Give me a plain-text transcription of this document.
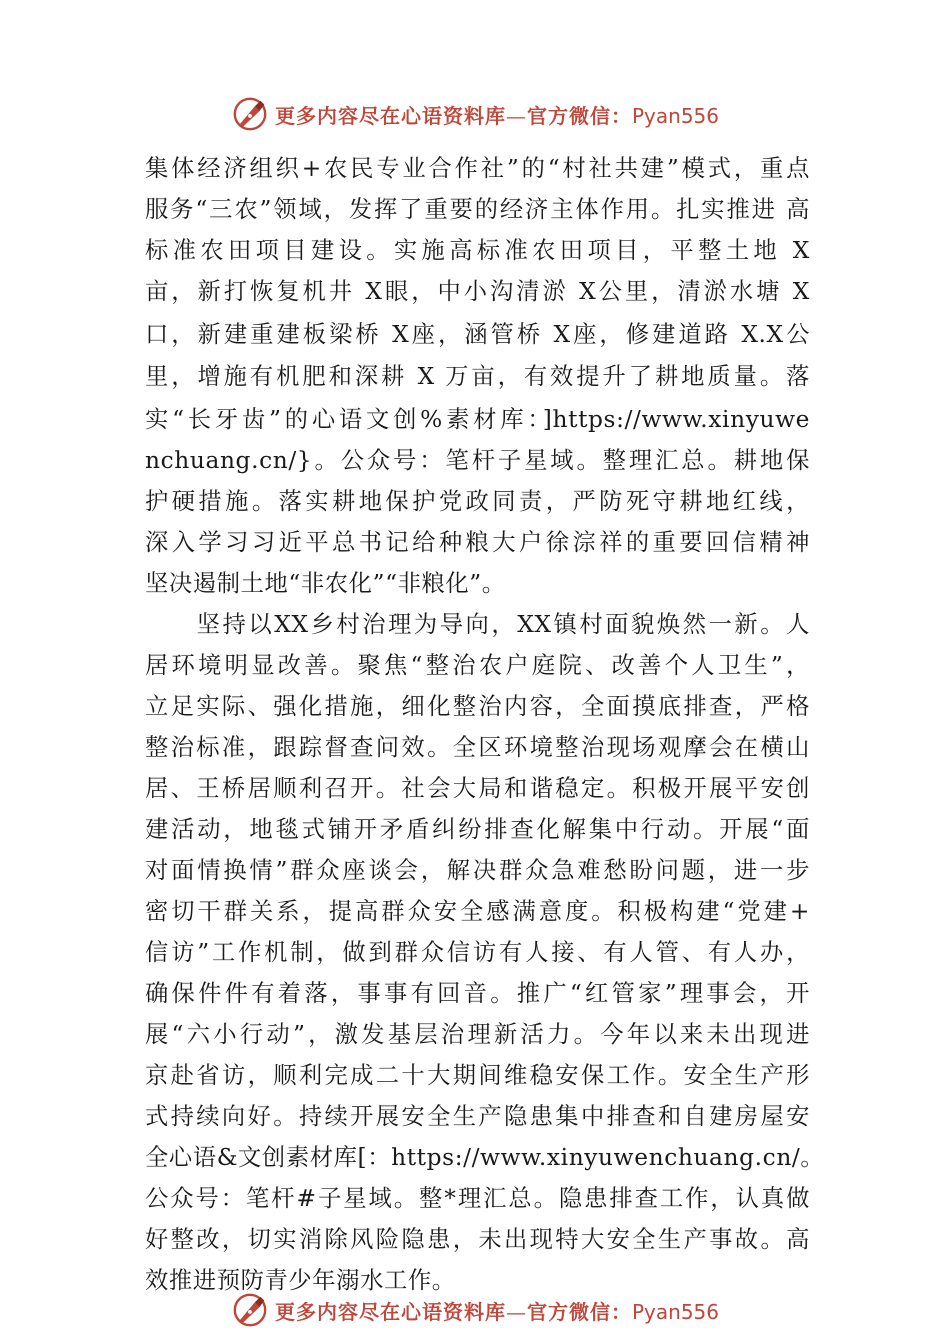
更多内容尽在心语资料库—官方微信：Pyan556
集体经济组织+农民专业合作社”的“村社共建”模式，重点
服务“三农”领域，发挥了重要的经济主体作用。扎实推进 高
标准农田项目建设。实施高标准农田项目，平整土地 X
亩，新打恢复机井 X眼，中小沟清淤 X公里，清淤水塘 X
口，新建重建板梁桥 X座，涵管桥 X座，修建道路 X.X公
里，增施有机肥和深耕 X 万亩，有效提升了耕地质量。落
实“长牙齿”的心语文创%素材库：]https://www.xinyuwe
nchuang.cn/}。公众号：笔杆子星域。整理汇总。耕地保
护硬措施。落实耕地保护党政同责，严防死守耕地红线，
深入学习习近平总书记给种粮大户徐淙祥的重要回信精神
坚决遏制土地“非农化”“非粮化”。
　　坚持以XX乡村治理为导向，XX镇村面貌焕然一新。人
居环境明显改善。聚焦“整治农户庭院、改善个人卫生”，
立足实际、强化措施，细化整治内容，全面摸底排查，严格
整治标准，跟踪督查问效。全区环境整治现场观摩会在横山
居、王桥居顺利召开。社会大局和谐稳定。积极开展平安创
建活动，地毯式铺开矛盾纠纷排查化解集中行动。开展“面
对面情换情”群众座谈会，解决群众急难愁盼问题，进一步
密切干群关系，提高群众安全感满意度。积极构建“党建+
信访”工作机制，做到群众信访有人接、有人管、有人办，
确保件件有着落，事事有回音。推广“红管家”理事会，开
展“六小行动”，激发基层治理新活力。今年以来未出现进
京赴省访，顺利完成二十大期间维稳安保工作。安全生产形
式持续向好。持续开展安全生产隐患集中排查和自建房屋安
全心语&文创素材库[：https://www.xinyuwenchuang.cn/。
公众号：笔杆#子星域。整*理汇总。隐患排查工作，认真做
好整改，切实消除风险隐患，未出现特大安全生产事故。高
效推进预防青少年溺水工作。
更多内容尽在心语资料库—官方微信：Pyan556
